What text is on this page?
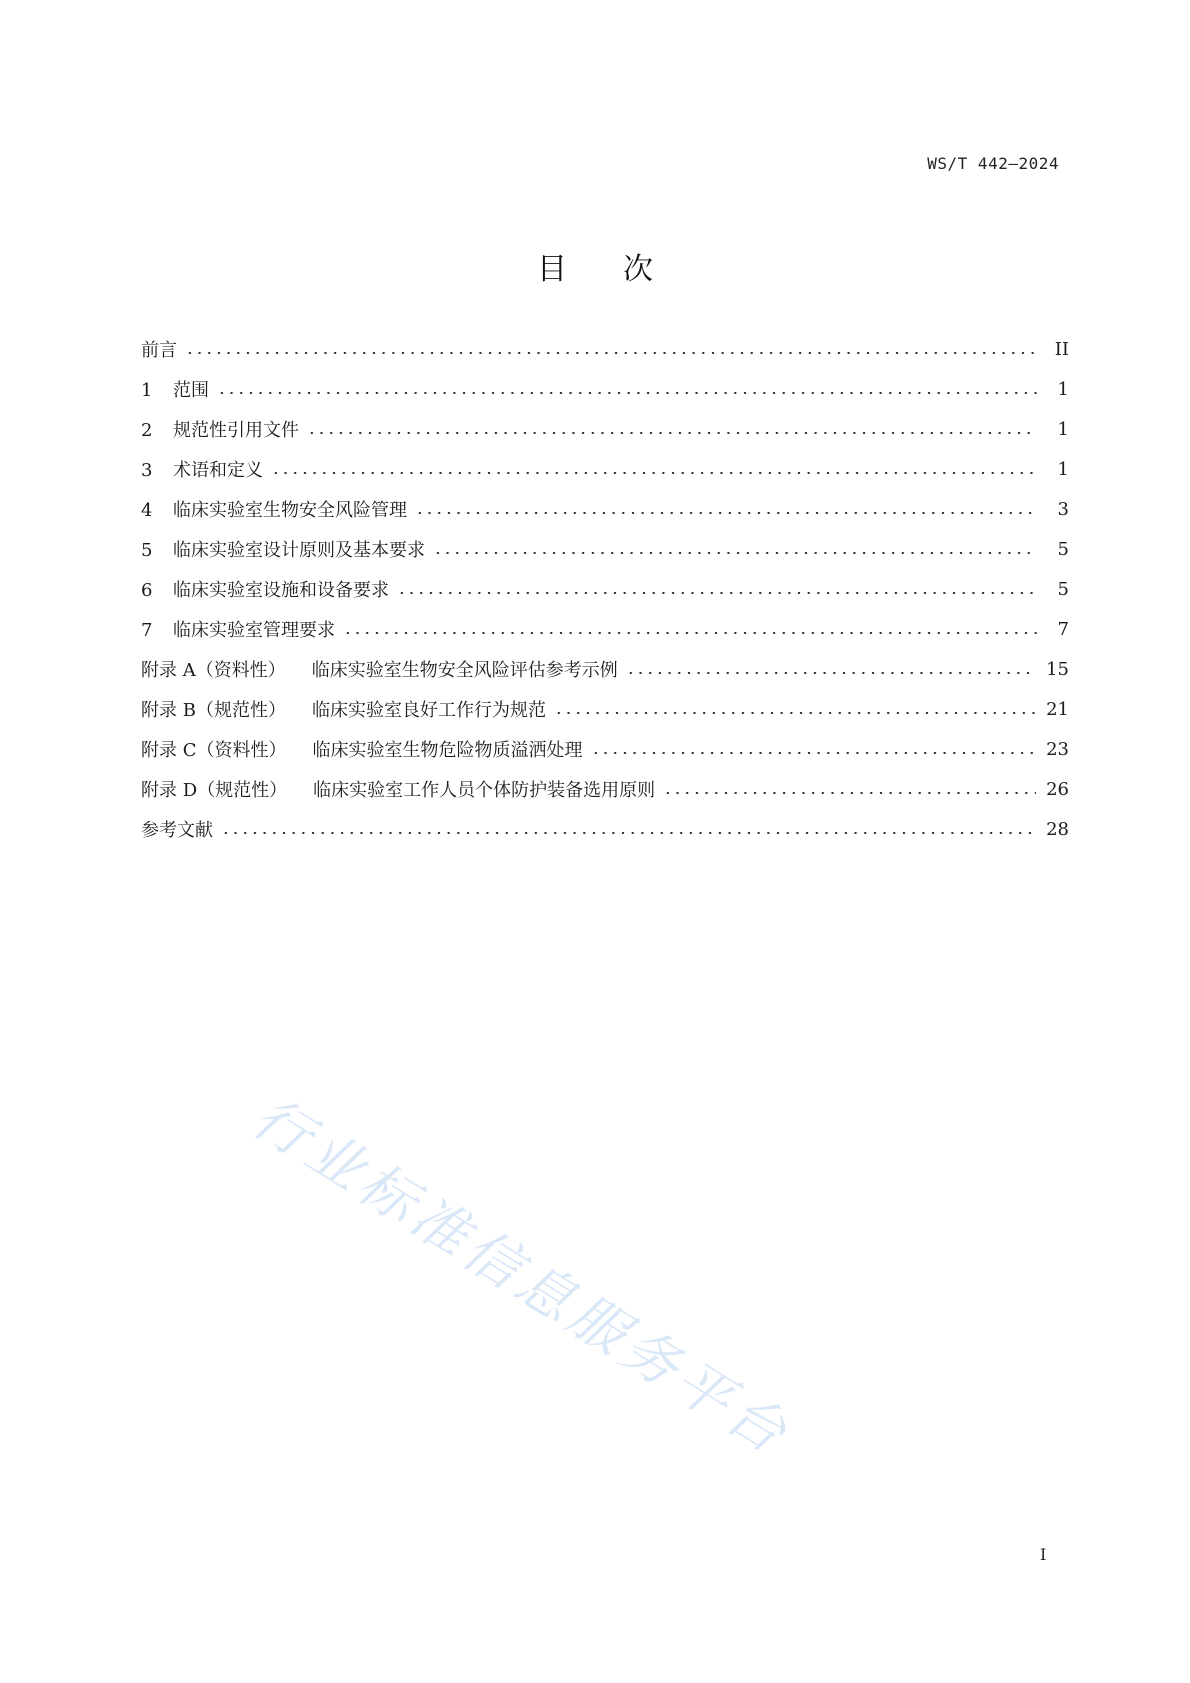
WS/T 442—2024
目次
前言	II
1	范围	1
2	规范性引用文件	1
3	术语和定义	1
4	临床实验室生物安全风险管理	3
5	临床实验室设计原则及基本要求	5
6	临床实验室设施和设备要求	5
7	临床实验室管理要求	7
附录 A（资料性） 临床实验室生物安全风险评估参考示例	15
附录 B（规范性） 临床实验室良好工作行为规范	21
附录 C（资料性） 临床实验室生物危险物质溢洒处理	23
附录 D（规范性） 临床实验室工作人员个体防护装备选用原则	26
参考文献	28
行业标准信息服务平台
I
